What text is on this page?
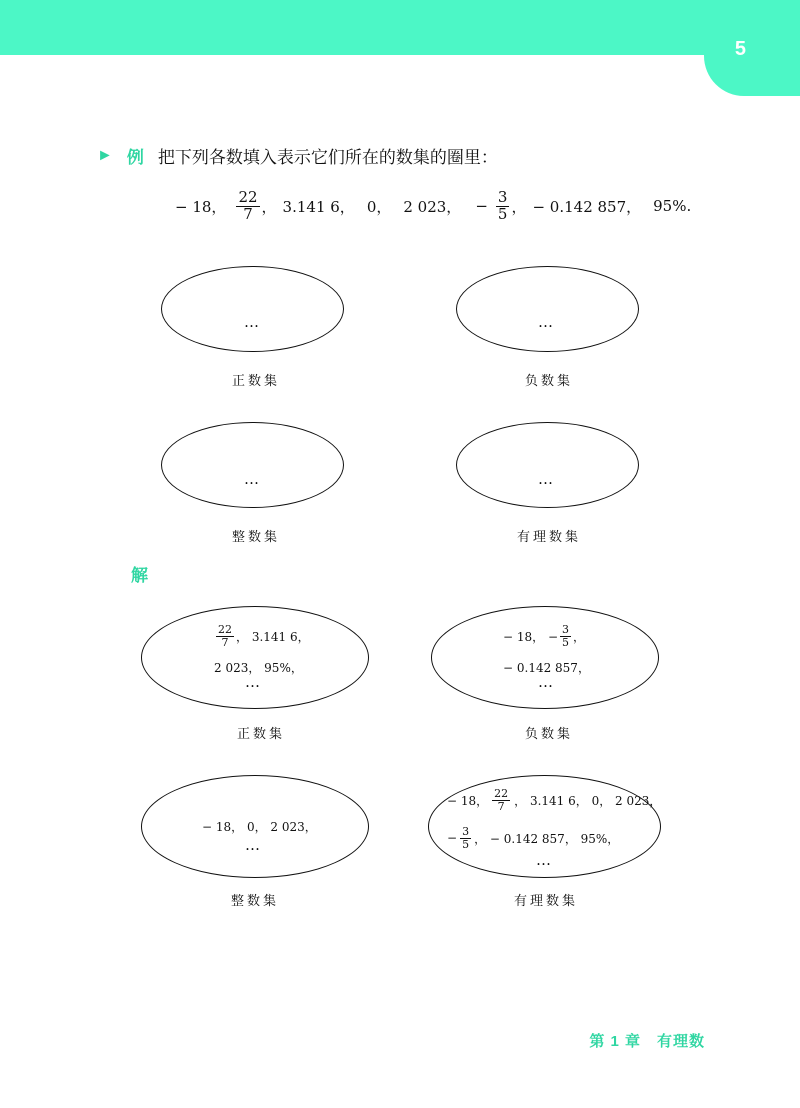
5
► 例 把下列各数填入表示它们所在的数集的圈里：
− 18， $\frac{22}{7}$ ， 3.141 6， 0， 2 023， − $\frac{3}{5}$ ， − 0.142 857， 95%.
…
正数集
…
负数集
…
整数集
…
有理数集
解
$\frac{22}{7}$ ， 3.141 6，
2 023， 95%，
…
正数集
− 18， − $\frac{3}{5}$ ，
− 0.142 857，
…
负数集
− 18， 0， 2 023，
…
整数集
− 18， $\frac{22}{7}$ ， 3.141 6， 0， 2 023，
− $\frac{3}{5}$ ， − 0.142 857， 95%，
…
有理数集
第 1 章　有理数
